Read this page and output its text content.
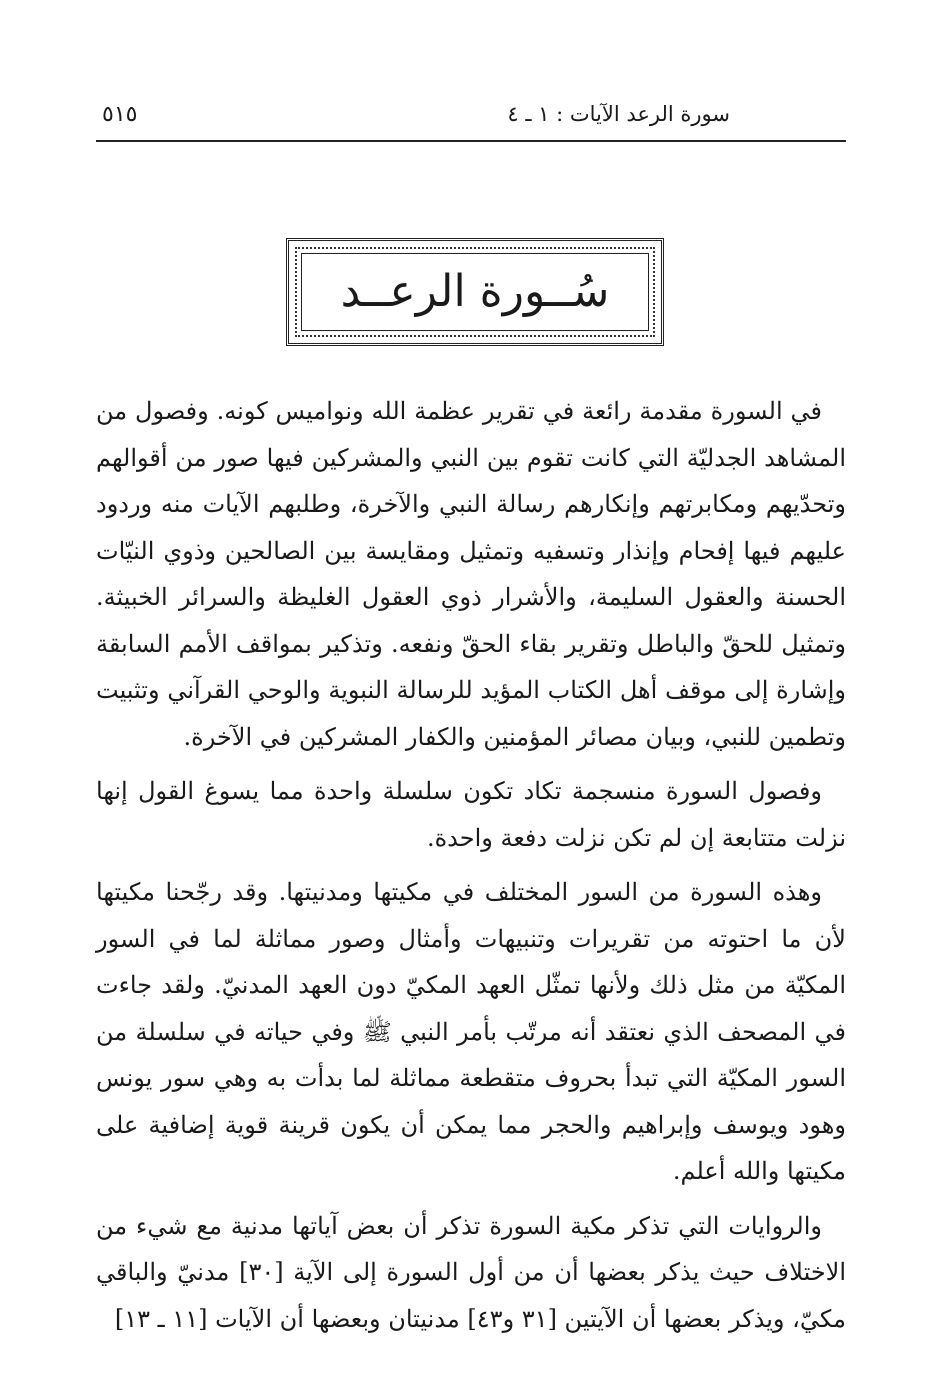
سورة الرعد الآيات : ١ ـ ٤
٥١٥
سُــورة الرعــد

في السورة مقدمة رائعة في تقرير عظمة الله ونواميس كونه. وفصول من المشاهد الجدليّة التي كانت تقوم بين النبي والمشركين فيها صور من أقوالهم وتحدّيهم ومكابرتهم وإنكارهم رسالة النبي والآخرة، وطلبهم الآيات منه وردود عليهم فيها إفحام وإنذار وتسفيه وتمثيل ومقايسة بين الصالحين وذوي النيّات الحسنة والعقول السليمة، والأشرار ذوي العقول الغليظة والسرائر الخبيثة. وتمثيل للحقّ والباطل وتقرير بقاء الحقّ ونفعه. وتذكير بمواقف الأمم السابقة وإشارة إلى موقف أهل الكتاب المؤيد للرسالة النبوية والوحي القرآني وتثبيت وتطمين للنبي، وبيان مصائر المؤمنين والكفار المشركين في الآخرة.

وفصول السورة منسجمة تكاد تكون سلسلة واحدة مما يسوغ القول إنها نزلت متتابعة إن لم تكن نزلت دفعة واحدة.

وهذه السورة من السور المختلف في مكيتها ومدنيتها. وقد رجّحنا مكيتها لأن ما احتوته من تقريرات وتنبيهات وأمثال وصور مماثلة لما في السور المكيّة من مثل ذلك ولأنها تمثّل العهد المكيّ دون العهد المدنيّ. ولقد جاءت في المصحف الذي نعتقد أنه مرتّب بأمر النبي ﷺ وفي حياته في سلسلة من السور المكيّة التي تبدأ بحروف متقطعة مماثلة لما بدأت به وهي سور يونس وهود ويوسف وإبراهيم والحجر مما يمكن أن يكون قرينة قوية إضافية على مكيتها والله أعلم.

والروايات التي تذكر مكية السورة تذكر أن بعض آياتها مدنية مع شيء من الاختلاف حيث يذكر بعضها أن من أول السورة إلى الآية [٣٠] مدنيّ والباقي مكيّ، ويذكر بعضها أن الآيتين [٣١ و٤٣] مدنيتان وبعضها أن الآيات [١١ ـ ١٣]
